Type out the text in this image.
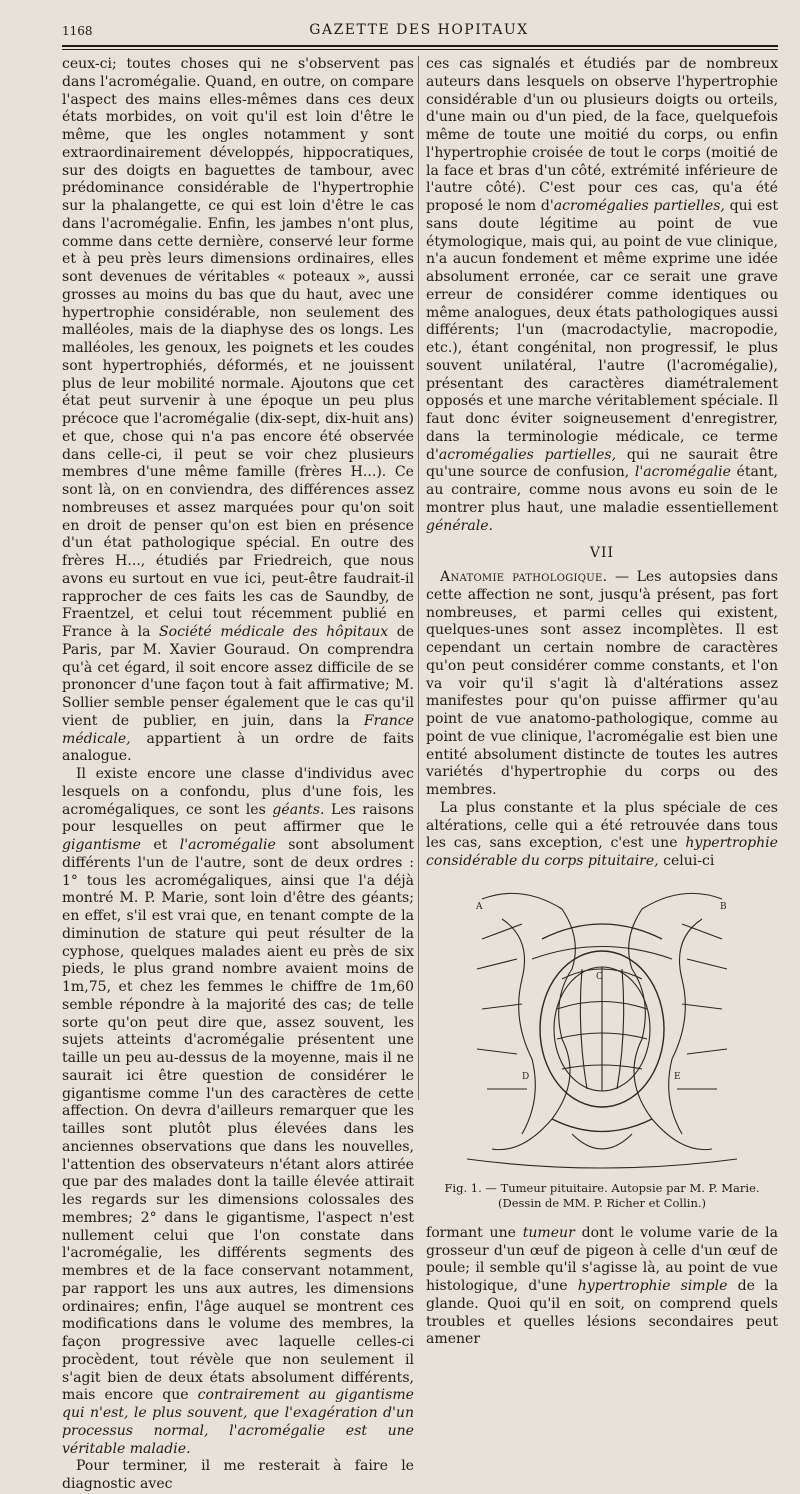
1168	GAZETTE DES HOPITAUX

ceux-ci; toutes choses qui ne s'observent pas dans l'acromégalie. Quand, en outre, on compare l'aspect des mains elles-mêmes dans ces deux états morbides, on voit qu'il est loin d'être le même, que les ongles notamment y sont extraordinairement développés, hippocratiques, sur des doigts en baguettes de tambour, avec prédominance considérable de l'hypertrophie sur la phalangette, ce qui est loin d'être le cas dans l'acromégalie. Enfin, les jambes n'ont plus, comme dans cette dernière, conservé leur forme et à peu près leurs dimensions ordinaires, elles sont devenues de véritables « poteaux », aussi grosses au moins du bas que du haut, avec une hypertrophie considérable, non seulement des malléoles, mais de la diaphyse des os longs. Les malléoles, les genoux, les poignets et les coudes sont hypertrophiés, déformés, et ne jouissent plus de leur mobilité normale. Ajoutons que cet état peut survenir à une époque un peu plus précoce que l'acromégalie (dix-sept, dix-huit ans) et que, chose qui n'a pas encore été observée dans celle-ci, il peut se voir chez plusieurs membres d'une même famille (frères H...). Ce sont là, on en conviendra, des différences assez nombreuses et assez marquées pour qu'on soit en droit de penser qu'on est bien en présence d'un état pathologique spécial. En outre des frères H..., étudiés par Friedreich, que nous avons eu surtout en vue ici, peut-être faudrait-il rapprocher de ces faits les cas de Saundby, de Fraentzel, et celui tout récemment publié en France à la Société médicale des hôpitaux de Paris, par M. Xavier Gouraud. On comprendra qu'à cet égard, il soit encore assez difficile de se prononcer d'une façon tout à fait affirmative; M. Sollier semble penser également que le cas qu'il vient de publier, en juin, dans la France médicale, appartient à un ordre de faits analogue.

Il existe encore une classe d'individus avec lesquels on a confondu, plus d'une fois, les acromégaliques, ce sont les géants. Les raisons pour lesquelles on peut affirmer que le gigantisme et l'acromégalie sont absolument différents l'un de l'autre, sont de deux ordres : 1° tous les acromégaliques, ainsi que l'a déjà montré M. P. Marie, sont loin d'être des géants; en effet, s'il est vrai que, en tenant compte de la diminution de stature qui peut résulter de la cyphose, quelques malades aient eu près de six pieds, le plus grand nombre avaient moins de 1m,75, et chez les femmes le chiffre de 1m,60 semble répondre à la majorité des cas; de telle sorte qu'on peut dire que, assez souvent, les sujets atteints d'acromégalie présentent une taille un peu au-dessus de la moyenne, mais il ne saurait ici être question de considérer le gigantisme comme l'un des caractères de cette affection. On devra d'ailleurs remarquer que les tailles sont plutôt plus élevées dans les anciennes observations que dans les nouvelles, l'attention des observateurs n'étant alors attirée que par des malades dont la taille élevée attirait les regards sur les dimensions colossales des membres; 2° dans le gigantisme, l'aspect n'est nullement celui que l'on constate dans l'acromégalie, les différents segments des membres et de la face conservant notamment, par rapport les uns aux autres, les dimensions ordinaires; enfin, l'âge auquel se montrent ces modifications dans le volume des membres, la façon progressive avec laquelle celles-ci procèdent, tout révèle que non seulement il s'agit bien de deux états absolument différents, mais encore que contrairement au gigantisme qui n'est, le plus souvent, que l'exagération d'un processus normal, l'acromégalie est une véritable maladie.

Pour terminer, il me resterait à faire le diagnostic avec

ces cas signalés et étudiés par de nombreux auteurs dans lesquels on observe l'hypertrophie considérable d'un ou plusieurs doigts ou orteils, d'une main ou d'un pied, de la face, quelquefois même de toute une moitié du corps, ou enfin l'hypertrophie croisée de tout le corps (moitié de la face et bras d'un côté, extrémité inférieure de l'autre côté). C'est pour ces cas, qu'a été proposé le nom d'acromégalies partielles, qui est sans doute légitime au point de vue étymologique, mais qui, au point de vue clinique, n'a aucun fondement et même exprime une idée absolument erronée, car ce serait une grave erreur de considérer comme identiques ou même analogues, deux états pathologiques aussi différents; l'un (macrodactylie, macropodie, etc.), étant congénital, non progressif, le plus souvent unilatéral, l'autre (l'acromégalie), présentant des caractères diamétralement opposés et une marche véritablement spéciale. Il faut donc éviter soigneusement d'enregistrer, dans la terminologie médicale, ce terme d'acromégalies partielles, qui ne saurait être qu'une source de confusion, l'acromégalie étant, au contraire, comme nous avons eu soin de le montrer plus haut, une maladie essentiellement générale.

VII

Anatomie pathologique. — Les autopsies dans cette affection ne sont, jusqu'à présent, pas fort nombreuses, et parmi celles qui existent, quelques-unes sont assez incomplètes. Il est cependant un certain nombre de caractères qu'on peut considérer comme constants, et l'on va voir qu'il s'agit là d'altérations assez manifestes pour qu'on puisse affirmer qu'au point de vue anatomo-pathologique, comme au point de vue clinique, l'acromégalie est bien une entité absolument distincte de toutes les autres variétés d'hypertrophie du corps ou des membres.

La plus constante et la plus spéciale de ces altérations, celle qui a été retrouvée dans tous les cas, sans exception, c'est une hypertrophie considérable du corps pituitaire, celui-ci

A	B
C
D	E
Fig. 1. — Tumeur pituitaire. Autopsie par M. P. Marie.
(Dessin de MM. P. Richer et Collin.)

formant une tumeur dont le volume varie de la grosseur d'un œuf de pigeon à celle d'un œuf de poule; il semble qu'il s'agisse là, au point de vue histologique, d'une hypertrophie simple de la glande. Quoi qu'il en soit, on comprend quels troubles et quelles lésions secondaires peut amener
